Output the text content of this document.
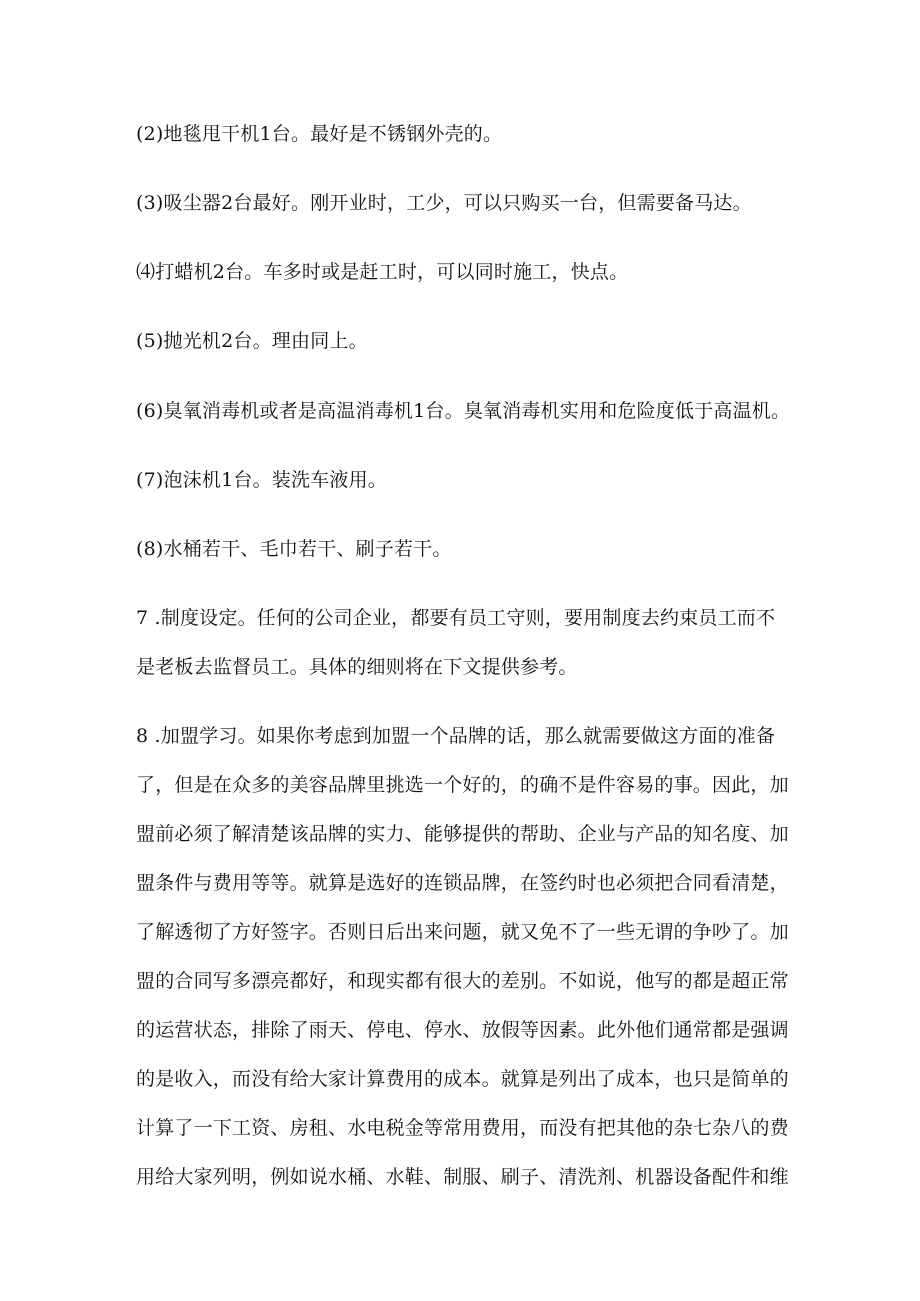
(2)地毯甩干机1台。最好是不锈钢外壳的。
(3)吸尘器2台最好。刚开业时，工少，可以只购买一台，但需要备马达。
⑷打蜡机2台。车多时或是赶工时，可以同时施工，快点。
(5)抛光机2台。理由同上。
(6)臭氧消毒机或者是高温消毒机1台。臭氧消毒机实用和危险度低于高温机。
(7)泡沫机1台。装洗车液用。
(8)水桶若干、毛巾若干、刷子若干。
7 .制度设定。任何的公司企业，都要有员工守则，要用制度去约束员工而不
是老板去监督员工。具体的细则将在下文提供参考。
8 .加盟学习。如果你考虑到加盟一个品牌的话，那么就需要做这方面的准备
了，但是在众多的美容品牌里挑选一个好的，的确不是件容易的事。因此，加
盟前必须了解清楚该品牌的实力、能够提供的帮助、企业与产品的知名度、加
盟条件与费用等等。就算是选好的连锁品牌，在签约时也必须把合同看清楚，
了解透彻了方好签字。否则日后出来问题，就又免不了一些无谓的争吵了。加
盟的合同写多漂亮都好，和现实都有很大的差别。不如说，他写的都是超正常
的运营状态，排除了雨天、停电、停水、放假等因素。此外他们通常都是强调
的是收入，而没有给大家计算费用的成本。就算是列出了成本，也只是简单的
计算了一下工资、房租、水电税金等常用费用，而没有把其他的杂七杂八的费
用给大家列明，例如说水桶、水鞋、制服、刷子、清洗剂、机器设备配件和维
